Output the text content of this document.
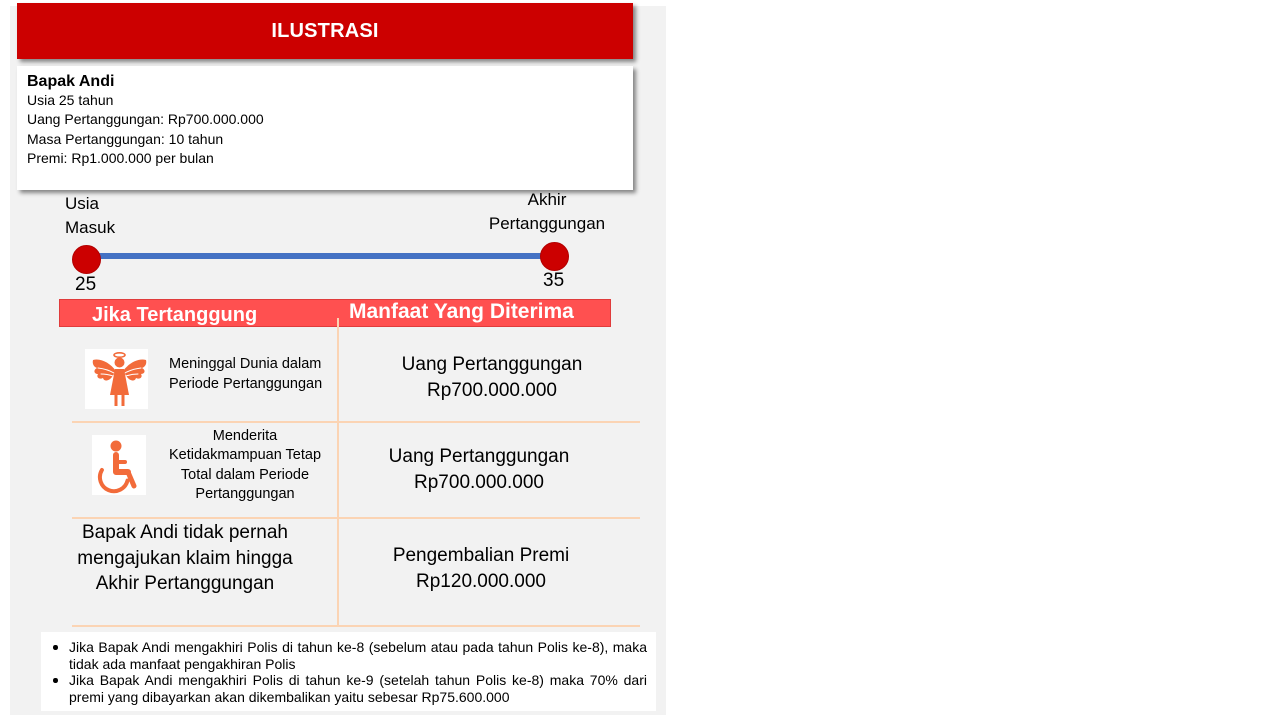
ILUSTRASI
Bapak Andi
Usia 25 tahun
Uang Pertanggungan: Rp700.000.000
Masa Pertanggungan: 10 tahun
Premi: Rp1.000.000 per bulan
Usia
Masuk
Akhir
Pertanggungan
25	35
Jika Tertanggung	Manfaat Yang Diterima
Meninggal Dunia dalam
Periode Pertanggungan
Uang Pertanggungan
Rp700.000.000
Menderita
Ketidakmampuan Tetap
Total dalam Periode
Pertanggungan
Uang Pertanggungan
Rp700.000.000
Bapak Andi tidak pernah
mengajukan klaim hingga
Akhir Pertanggungan
Pengembalian Premi
Rp120.000.000
Jika Bapak Andi mengakhiri Polis di tahun ke-8 (sebelum atau pada tahun Polis ke-8), maka tidak ada manfaat pengakhiran Polis
Jika Bapak Andi mengakhiri Polis di tahun ke-9 (setelah tahun Polis ke-8) maka 70% dari premi yang dibayarkan akan dikembalikan yaitu sebesar Rp75.600.000
